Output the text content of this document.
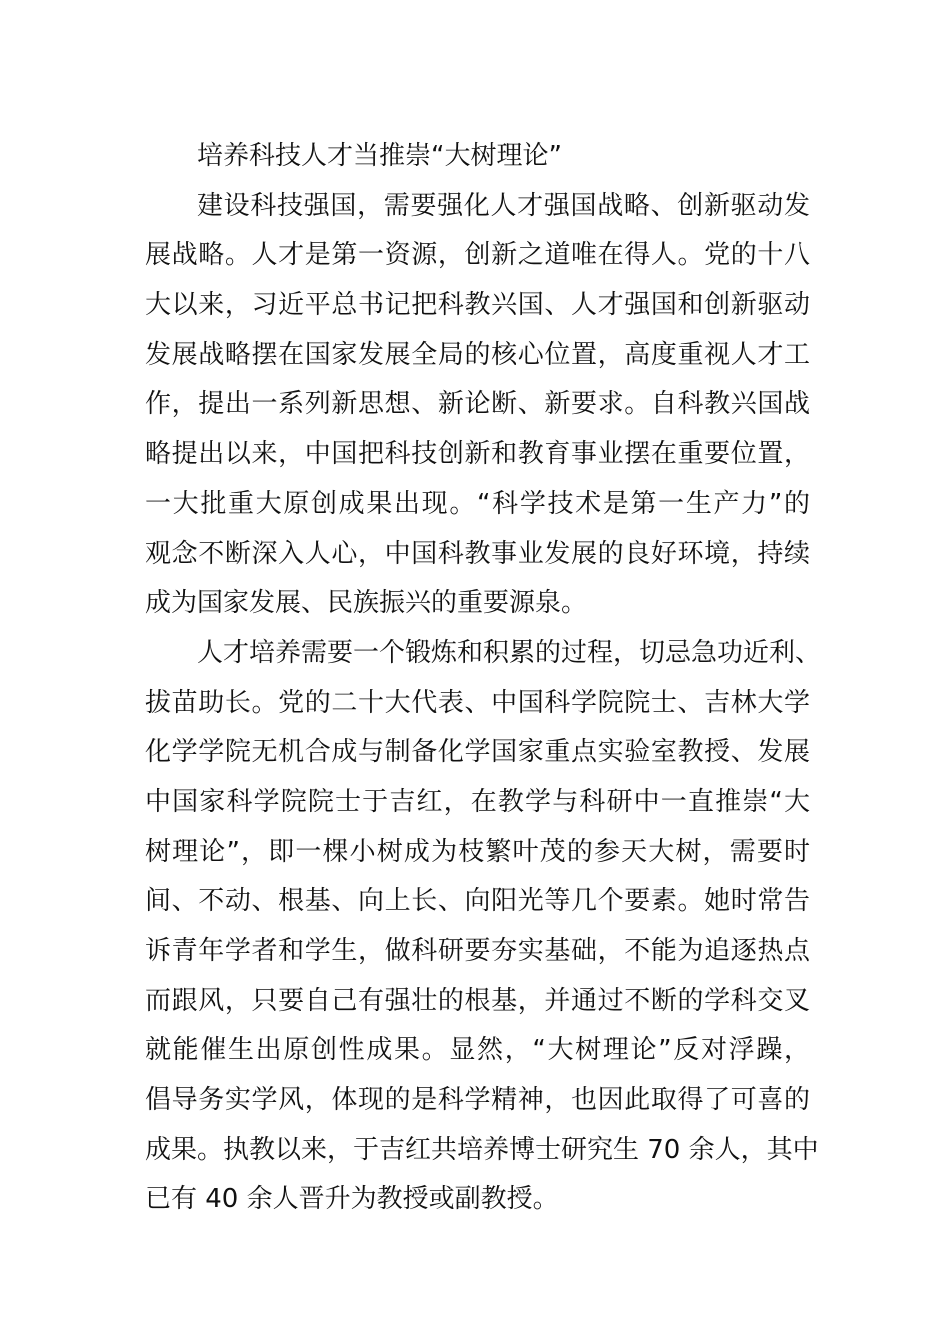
培养科技人才当推崇“大树理论”
建设科技强国，需要强化人才强国战略、创新驱动发
展战略。人才是第一资源，创新之道唯在得人。党的十八
大以来，习近平总书记把科教兴国、人才强国和创新驱动
发展战略摆在国家发展全局的核心位置，高度重视人才工
作，提出一系列新思想、新论断、新要求。自科教兴国战
略提出以来，中国把科技创新和教育事业摆在重要位置，
一大批重大原创成果出现。“科学技术是第一生产力”的
观念不断深入人心，中国科教事业发展的良好环境，持续
成为国家发展、民族振兴的重要源泉。
人才培养需要一个锻炼和积累的过程，切忌急功近利、
拔苗助长。党的二十大代表、中国科学院院士、吉林大学
化学学院无机合成与制备化学国家重点实验室教授、发展
中国家科学院院士于吉红，在教学与科研中一直推崇“大
树理论”，即一棵小树成为枝繁叶茂的参天大树，需要时
间、不动、根基、向上长、向阳光等几个要素。她时常告
诉青年学者和学生，做科研要夯实基础，不能为追逐热点
而跟风，只要自己有强壮的根基，并通过不断的学科交叉
就能催生出原创性成果。显然，“大树理论”反对浮躁，
倡导务实学风，体现的是科学精神，也因此取得了可喜的
成果。执教以来，于吉红共培养博士研究生 70 余人，其中
已有 40 余人晋升为教授或副教授。
